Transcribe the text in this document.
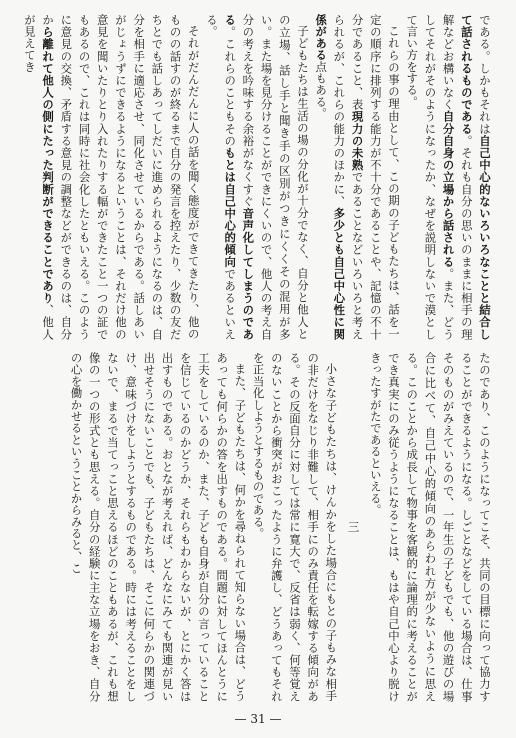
である。しかもそれは自己中心的ないろいろなことと結合して話されるものである。それも自分の思いのままに相手の理解などお構いなく自分自身の立場から話される。また、どうしてそれがそのようになったか、なぜを説明しないで漠として言い方をする。

これらの事の理由として、この期の子どもたちは、話を一定の順序に排列する能力が不十分であることや、記憶の不十分であること、表現力の未熟であることなどいろいろと考えられるが、これらの能力のほかに、多少とも自己中心性に関係がある点もある。

子どもたちは生活の場の分化が十分でなく、自分と他人との立場、話し手と聞き手の区別がつきにくくその混用が多い。また場を見分けることができにくいので、他人の考え自分の考えを吟味する余裕がなくすぐ音声化してしまうのである。これらのこともそのもとは自己中心的傾向であるといえる。

それがだんだんに人の話を聞く態度ができてきたり、他のものの話すのが終るまで自分の発言を控えたり、少数の友だちとでも話しあってしだいに進められるようになるのは、自分を相手に適応させ、同化させているからである。話しあいがじょうずにできるようになるということは、それだけ他の意見を聞いたりとり入れたりする幅ができたこと一つの証でもあるので、これは同時に社会化したともいえる。このように意見の交換、矛盾する意見の調整などができるのは、自分から離れて他人の側にたった判断ができることであり、他人が見えてき

たのであり、このようになってこそ、共同の目標に向って協力することができるようになる。しごとなどをしている場合は、仕事そのものがみえているので、一年生の子どもでも、他の遊びの場合に比べて、自己中心的傾向のあらわれ方が少ないように思える。このことから成長して物事を客観的に論理的に考えることができ真実にのみ従うようになることは、もはや自己中心より脱けきったすがたであるといえる。

三

小さな子どもたちは、けんかをした場合にもとの子もみな相手の非だけをなじり非難して、相手にのみ責任を転嫁する傾向がある。その反面自分に対しては常に寛大で、反省は弱く、何等覚えのないことから衝突がおこったように弁護し、どうあってもそれを正当化しようとするものである。

また、子どもたちは、何かを尋ねられて知らない場合は、どうあっても何らかの答を出すものである。問題に対してほんとうに工夫をしているのか、また、子ども自身が自分の言っていることを信じているのかどうか、それらもわからないが、とにかく答は出すものである。おとなが考えれば、どんなにみても関連が見い出せそうにないことでも、子どもたちは、そこに何らかの関連づけ、意味づけをしようとするものである。時には考えることをしないで、まるで当てっこと思えるほどのこともあるが、これも想像の一つの形式とも思える。自分の経験に主な立場をおき、自分の心を働かせるということからみると、こ

— 31 —
